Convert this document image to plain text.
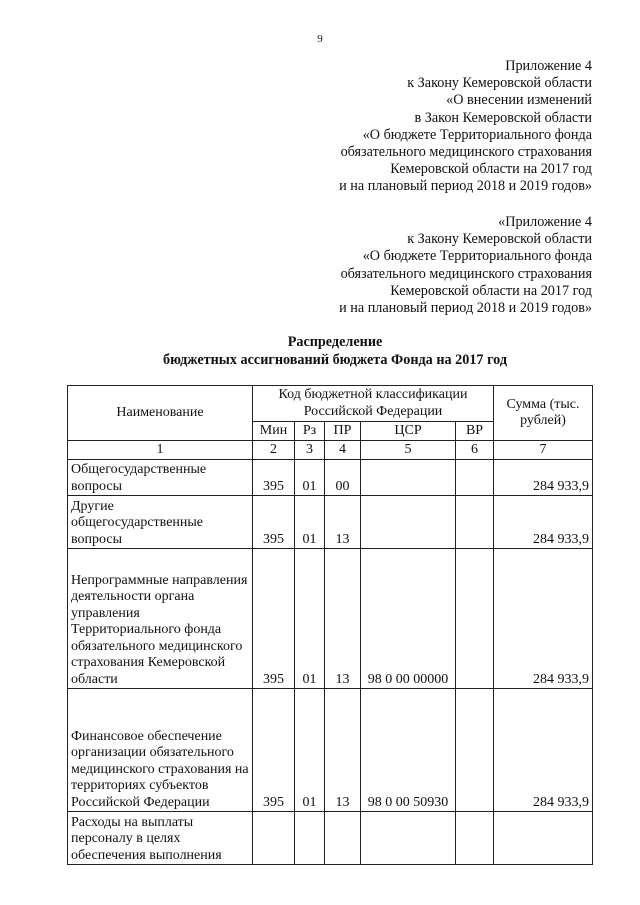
9
Приложение 4
к Закону Кемеровской области
«О внесении изменений
в Закон Кемеровской области
«О бюджете Территориального фонда
обязательного медицинского страхования
Кемеровской области на 2017 год
и на плановый период 2018 и 2019 годов»
«Приложение 4
к Закону Кемеровской области
«О бюджете Территориального фонда
обязательного медицинского страхования
Кемеровской области на 2017 год
и на плановый период 2018 и 2019 годов»
Распределение
бюджетных ассигнований бюджета Фонда на 2017 год
Наименование	Код бюджетной классификации Российской Федерации					Сумма (тыс. рублей)
	Мин	Рз	ПР	ЦСР	ВР	
1	2	3	4	5	6	7
Общегосударственные вопросы	395	01	00			284 933,9
Другие общегосударственные вопросы	395	01	13			284 933,9
Непрограммные направления деятельности органа управления Территориального фонда обязательного медицинского страхования Кемеровской области	395	01	13	98 0 00 00000		284 933,9
Финансовое обеспечение организации обязательного медицинского страхования на территориях субъектов Российской Федерации	395	01	13	98 0 00 50930		284 933,9
Расходы на выплаты персоналу в целях обеспечения выполнения						
